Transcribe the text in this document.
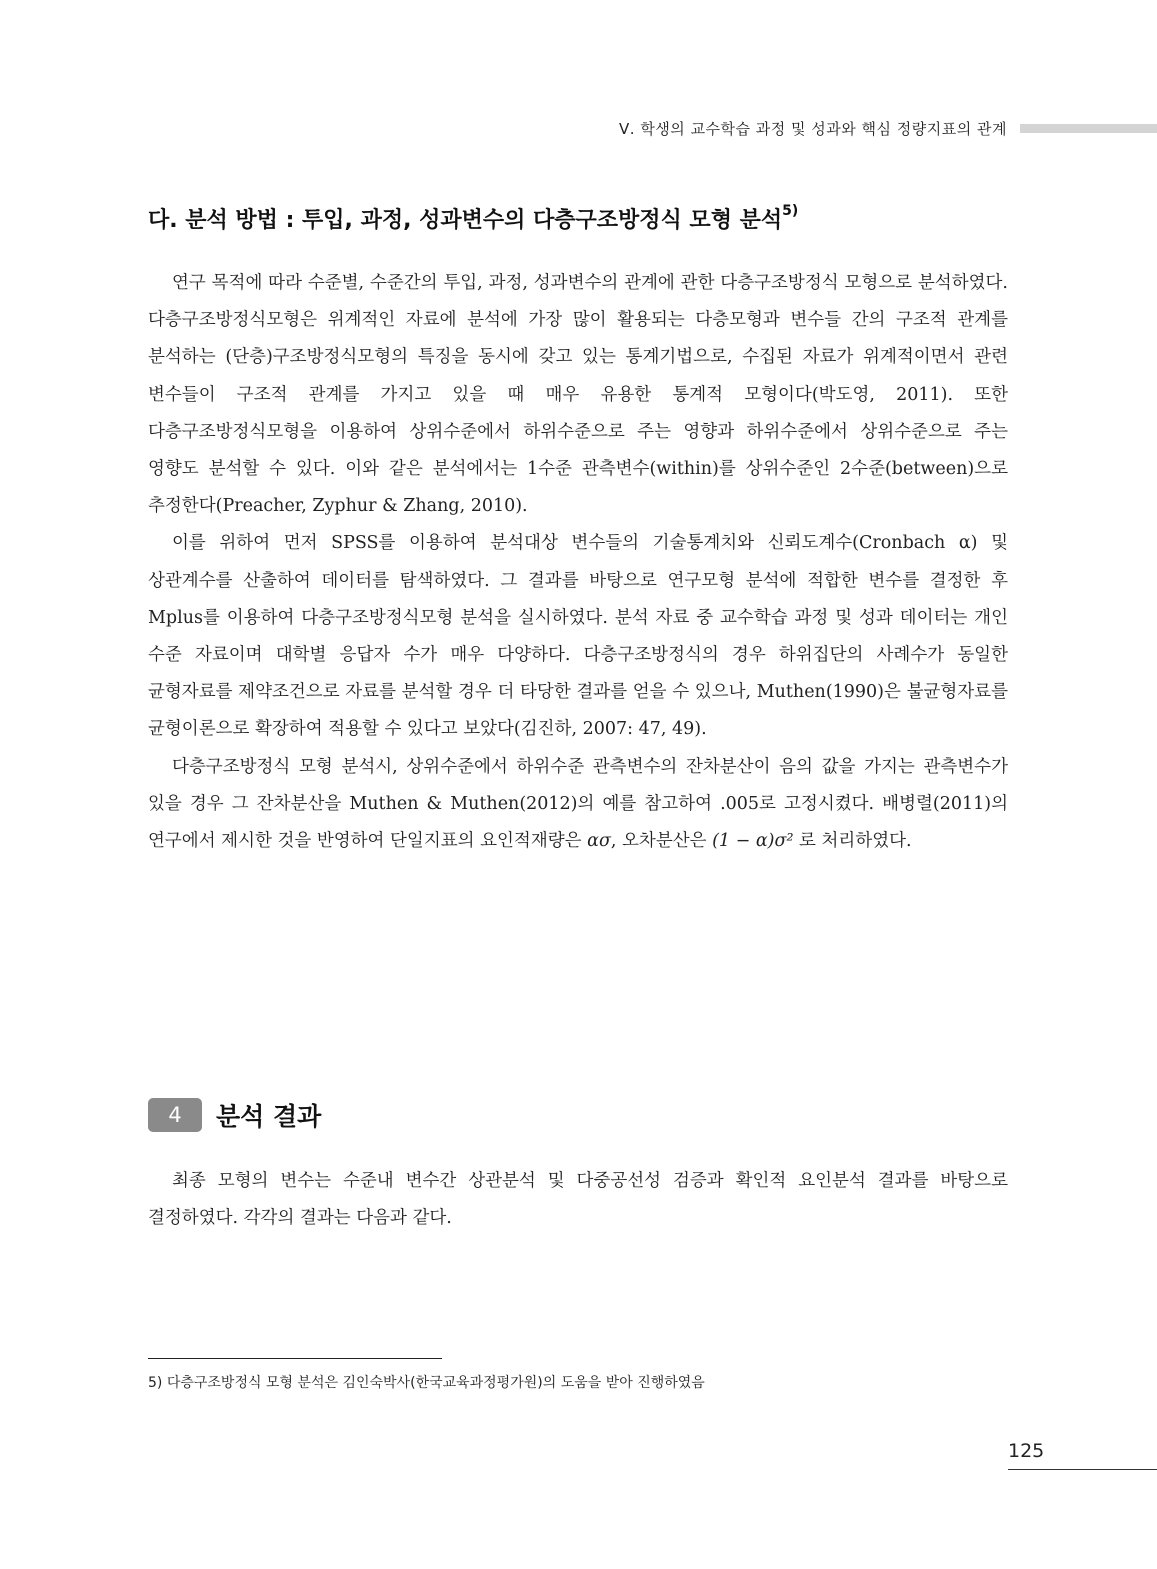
Ⅴ. 학생의 교수학습 과정 및 성과와 핵심 정량지표의 관계
다. 분석 방법 : 투입, 과정, 성과변수의 다층구조방정식 모형 분석$^{5)}$

연구 목적에 따라 수준별, 수준간의 투입, 과정, 성과변수의 관계에 관한 다층구조방정식 모형으로 분석하였다. 다층구조방정식모형은 위계적인 자료에 분석에 가장 많이 활용되는 다층모형과 변수들 간의 구조적 관계를 분석하는 (단층)구조방정식모형의 특징을 동시에 갖고 있는 통계기법으로, 수집된 자료가 위계적이면서 관련 변수들이 구조적 관계를 가지고 있을 때 매우 유용한 통계적 모형이다(박도영, 2011). 또한 다층구조방정식모형을 이용하여 상위수준에서 하위수준으로 주는 영향과 하위수준에서 상위수준으로 주는 영향도 분석할 수 있다. 이와 같은 분석에서는 1수준 관측변수(within)를 상위수준인 2수준(between)으로 추정한다(Preacher, Zyphur & Zhang, 2010).

이를 위하여 먼저 SPSS를 이용하여 분석대상 변수들의 기술통계치와 신뢰도계수(Cronbach α) 및 상관계수를 산출하여 데이터를 탐색하였다. 그 결과를 바탕으로 연구모형 분석에 적합한 변수를 결정한 후 Mplus를 이용하여 다층구조방정식모형 분석을 실시하였다. 분석 자료 중 교수학습 과정 및 성과 데이터는 개인 수준 자료이며 대학별 응답자 수가 매우 다양하다. 다층구조방정식의 경우 하위집단의 사례수가 동일한 균형자료를 제약조건으로 자료를 분석할 경우 더 타당한 결과를 얻을 수 있으나, Muthen(1990)은 불균형자료를 균형이론으로 확장하여 적용할 수 있다고 보았다(김진하, 2007: 47, 49).

다층구조방정식 모형 분석시, 상위수준에서 하위수준 관측변수의 잔차분산이 음의 값을 가지는 관측변수가 있을 경우 그 잔차분산을 Muthen & Muthen(2012)의 예를 참고하여 .005로 고정시켰다. 배병렬(2011)의 연구에서 제시한 것을 반영하여 단일지표의 요인적재량은 ασ, 오차분산은 (1 − α)σ² 로 처리하였다.

4	분석 결과

최종 모형의 변수는 수준내 변수간 상관분석 및 다중공선성 검증과 확인적 요인분석 결과를 바탕으로 결정하였다. 각각의 결과는 다음과 같다.

5) 다층구조방정식 모형 분석은 김인숙박사(한국교육과정평가원)의 도움을 받아 진행하였음
125
